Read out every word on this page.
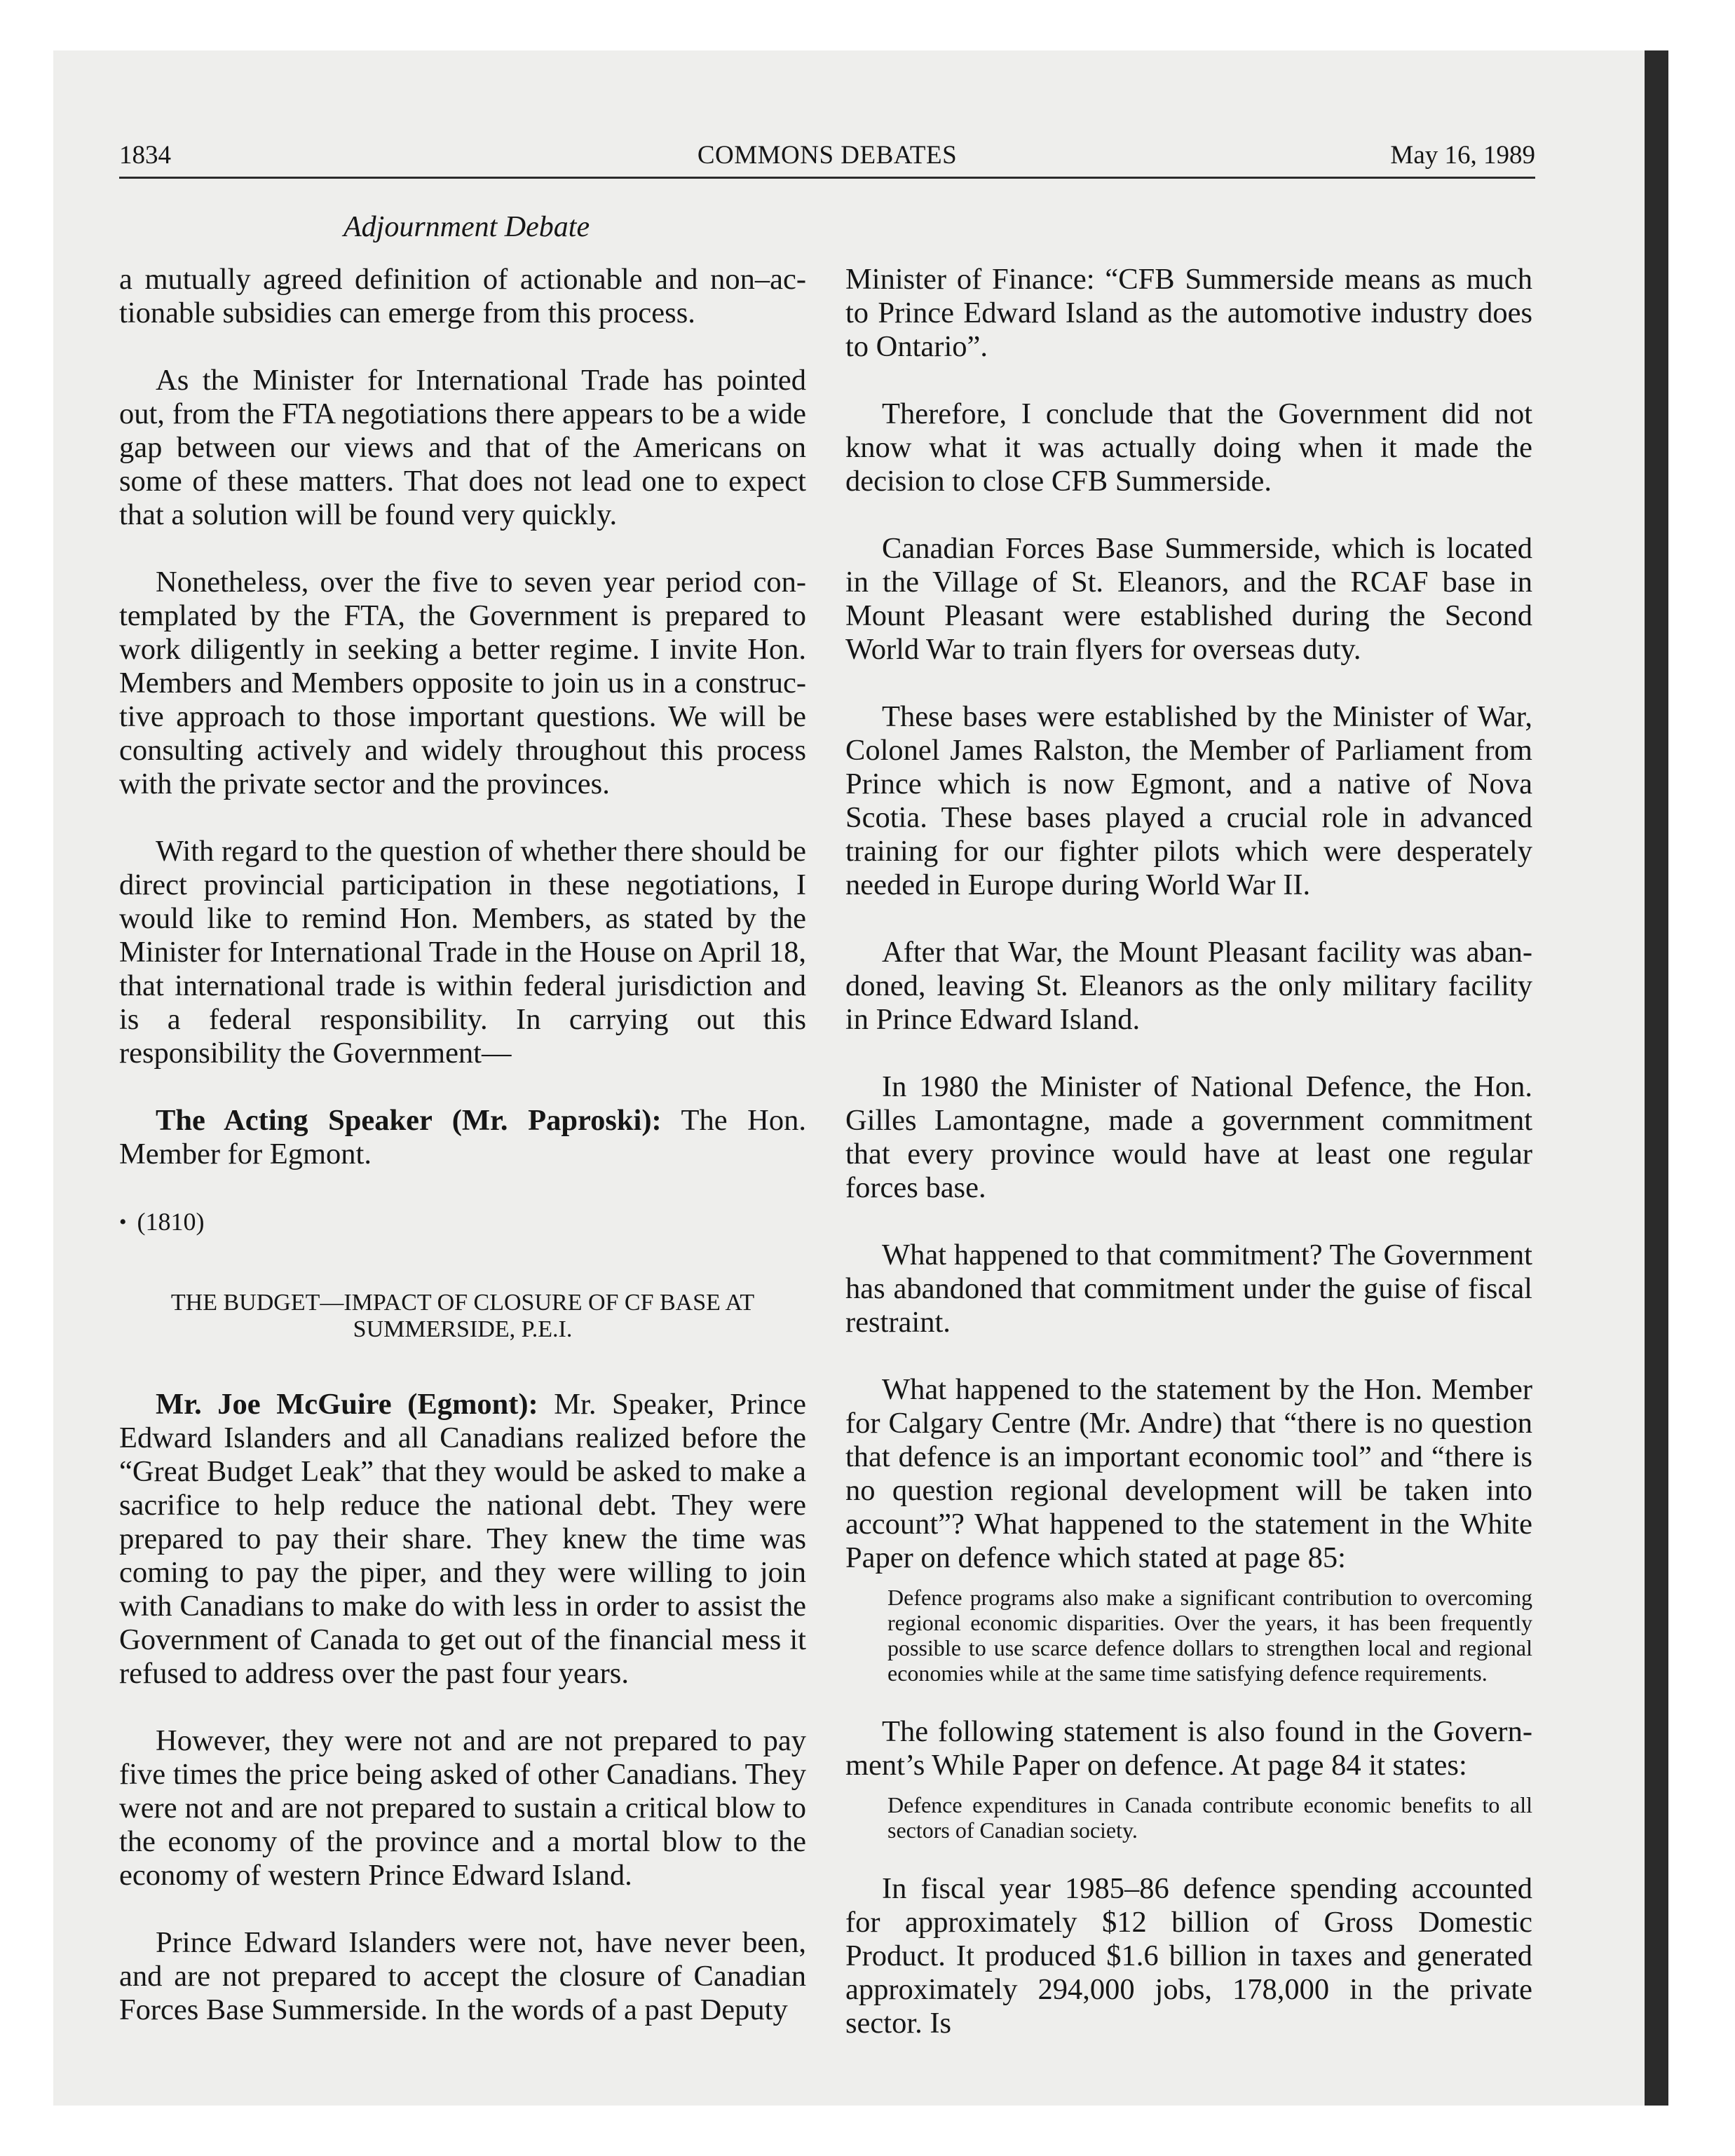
1834	COMMONS DEBATES	May 16, 1989
Adjournment Debate

a mutually agreed definition of actionable and non–actionable subsidies can emerge from this process.

As the Minister for International Trade has pointed out, from the FTA negotiations there appears to be a wide gap between our views and that of the Americans on some of these matters. That does not lead one to expect that a solution will be found very quickly.

Nonetheless, over the five to seven year period contemplated by the FTA, the Government is prepared to work diligently in seeking a better regime. I invite Hon. Members and Members opposite to join us in a constructive approach to those important questions. We will be consulting actively and widely throughout this process with the private sector and the provinces.

With regard to the question of whether there should be direct provincial participation in these negotiations, I would like to remind Hon. Members, as stated by the Minister for International Trade in the House on April 18, that international trade is within federal jurisdiction and is a federal responsibility. In carrying out this responsibility the Government—

The Acting Speaker (Mr. Paproski): The Hon. Member for Egmont.

• (1810)

THE BUDGET—IMPACT OF CLOSURE OF CF BASE AT SUMMERSIDE, P.E.I.

Mr. Joe McGuire (Egmont): Mr. Speaker, Prince Edward Islanders and all Canadians realized before the “Great Budget Leak” that they would be asked to make a sacrifice to help reduce the national debt. They were prepared to pay their share. They knew the time was coming to pay the piper, and they were willing to join with Canadians to make do with less in order to assist the Government of Canada to get out of the financial mess it refused to address over the past four years.

However, they were not and are not prepared to pay five times the price being asked of other Canadians. They were not and are not prepared to sustain a critical blow to the economy of the province and a mortal blow to the economy of western Prince Edward Island.

Prince Edward Islanders were not, have never been, and are not prepared to accept the closure of Canadian Forces Base Summerside. In the words of a past Deputy

Minister of Finance: “CFB Summerside means as much to Prince Edward Island as the automotive industry does to Ontario”.

Therefore, I conclude that the Government did not know what it was actually doing when it made the decision to close CFB Summerside.

Canadian Forces Base Summerside, which is located in the Village of St. Eleanors, and the RCAF base in Mount Pleasant were established during the Second World War to train flyers for overseas duty.

These bases were established by the Minister of War, Colonel James Ralston, the Member of Parliament from Prince which is now Egmont, and a native of Nova Scotia. These bases played a crucial role in advanced training for our fighter pilots which were desperately needed in Europe during World War II.

After that War, the Mount Pleasant facility was abandoned, leaving St. Eleanors as the only military facility in Prince Edward Island.

In 1980 the Minister of National Defence, the Hon. Gilles Lamontagne, made a government commitment that every province would have at least one regular forces base.

What happened to that commitment? The Government has abandoned that commitment under the guise of fiscal restraint.

What happened to the statement by the Hon. Member for Calgary Centre (Mr. Andre) that “there is no question that defence is an important economic tool” and “there is no question regional development will be taken into account”? What happened to the statement in the White Paper on defence which stated at page 85:

Defence programs also make a significant contribution to overcoming regional economic disparities. Over the years, it has been frequently possible to use scarce defence dollars to strengthen local and regional economies while at the same time satisfying defence requirements.

The following statement is also found in the Government’s While Paper on defence. At page 84 it states:

Defence expenditures in Canada contribute economic benefits to all sectors of Canadian society.

In fiscal year 1985–86 defence spending accounted for approximately $12 billion of Gross Domestic Product. It produced $1.6 billion in taxes and generated approximately 294,000 jobs, 178,000 in the private sector. Is
